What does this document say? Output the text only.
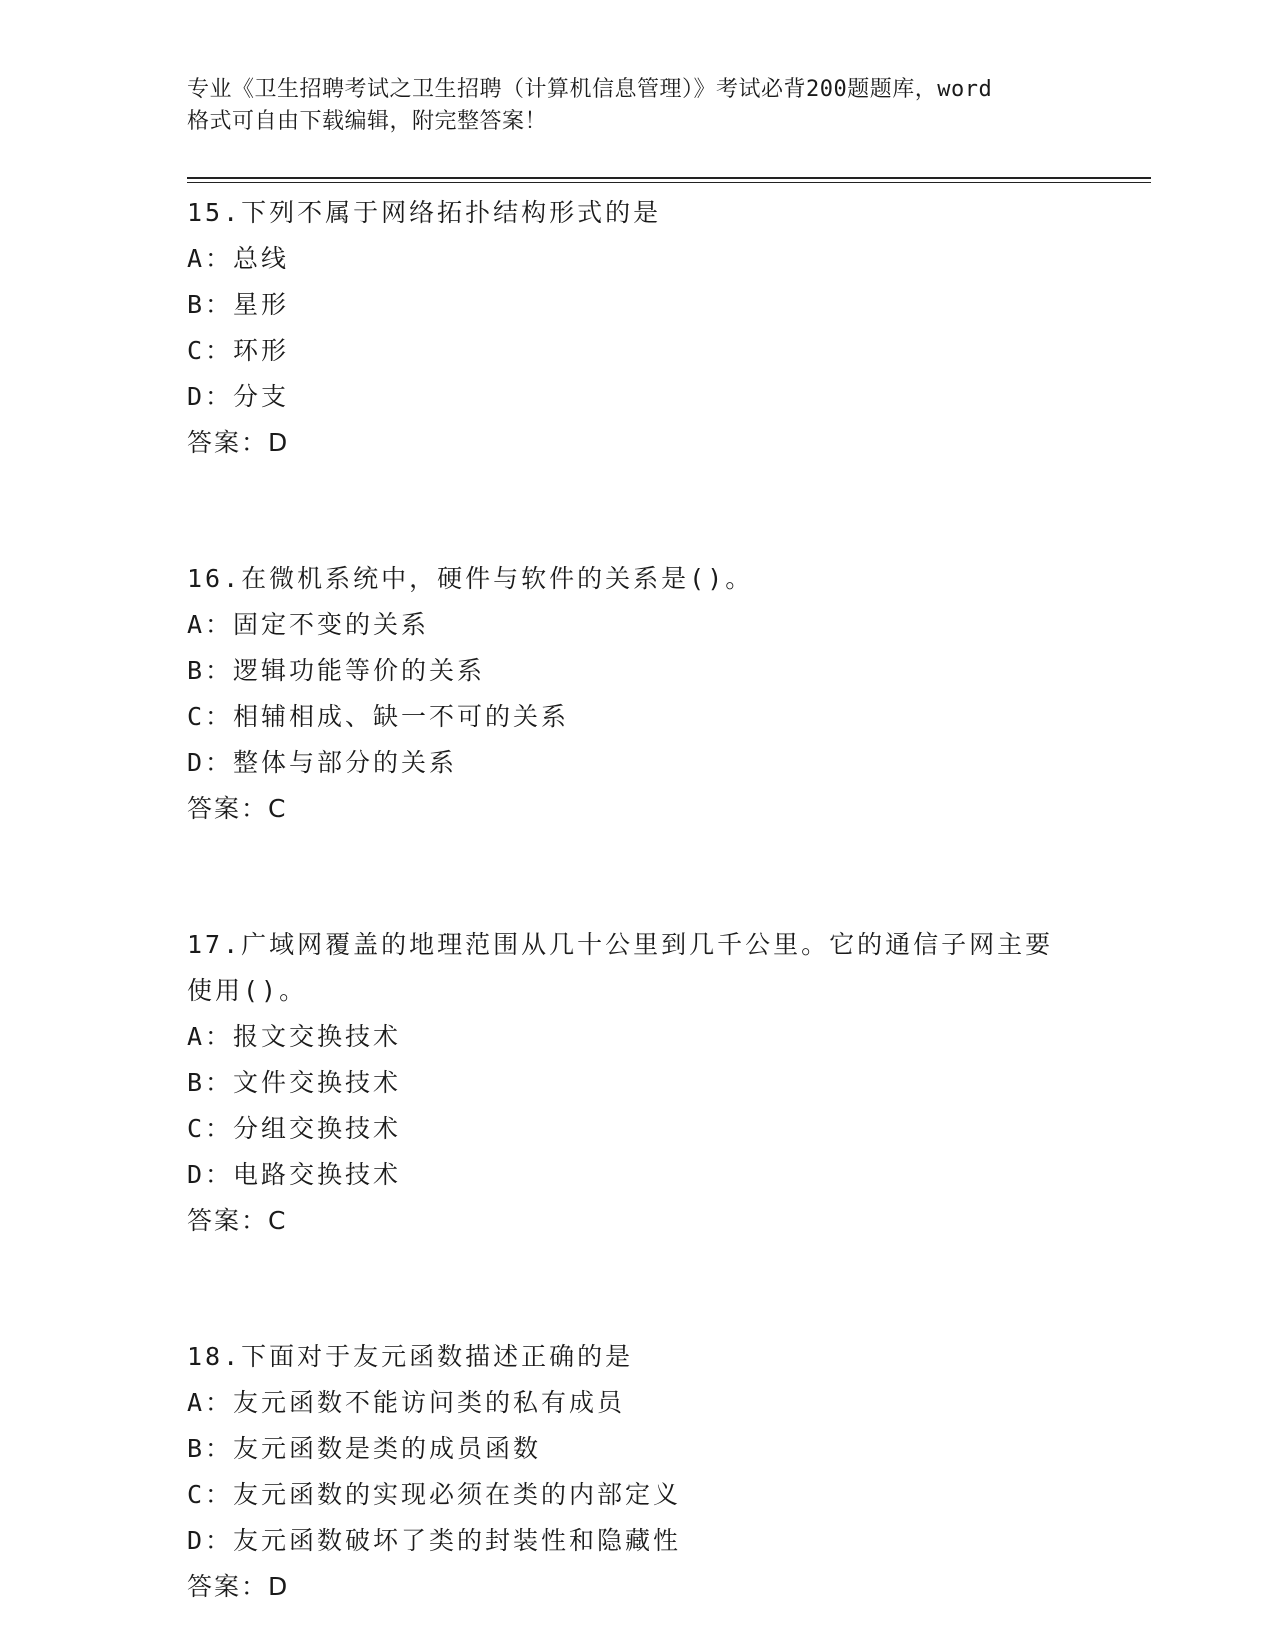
专业《卫生招聘考试之卫生招聘（计算机信息管理）》考试必背200题题库，word
格式可自由下载编辑，附完整答案！
15.下列不属于网络拓扑结构形式的是
A：总线
B：星形
C：环形
D：分支
答案：D
16.在微机系统中，硬件与软件的关系是()。
A：固定不变的关系
B：逻辑功能等价的关系
C：相辅相成、缺一不可的关系
D：整体与部分的关系
答案：C
17.广域网覆盖的地理范围从几十公里到几千公里。它的通信子网主要
使用()。
A：报文交换技术
B：文件交换技术
C：分组交换技术
D：电路交换技术
答案：C
18.下面对于友元函数描述正确的是
A：友元函数不能访问类的私有成员
B：友元函数是类的成员函数
C：友元函数的实现必须在类的内部定义
D：友元函数破坏了类的封装性和隐藏性
答案：D
